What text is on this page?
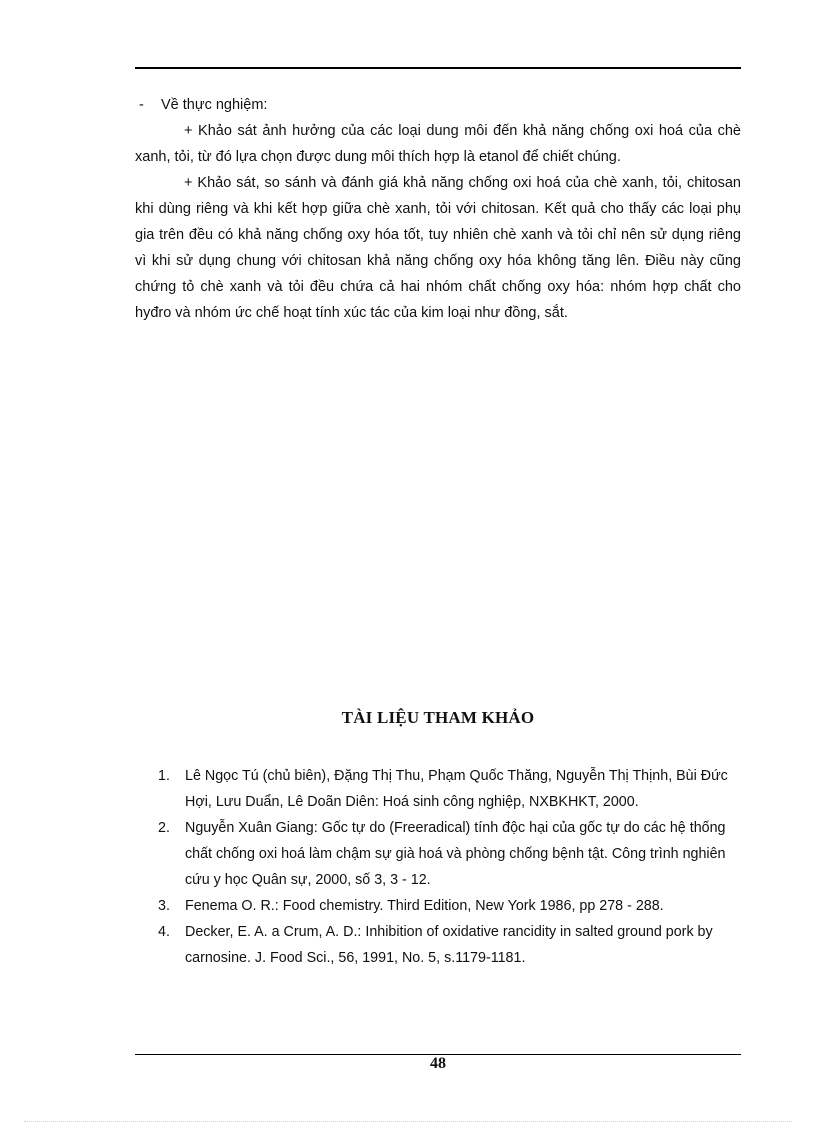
- Về thực nghiệm:

+ Khảo sát ảnh hưởng của các loại dung môi đến khả năng chống oxi hoá của chè xanh, tỏi, từ đó lựa chọn được dung môi thích hợp là etanol để chiết chúng.

+ Khảo sát, so sánh và đánh giá khả năng chống oxi hoá của chè xanh, tỏi, chitosan khi dùng riêng và khi kết hợp giữa chè xanh, tỏi với chitosan. Kết quả cho thấy các loại phụ gia trên đều có khả năng chống oxy hóa tốt, tuy nhiên chè xanh và tỏi chỉ nên sử dụng riêng vì khi sử dụng chung với chitosan khả năng chống oxy hóa không tăng lên. Điều này cũng chứng tỏ chè xanh và tỏi đều chứa cả hai nhóm chất chống oxy hóa: nhóm hợp chất cho hyđro và nhóm ức chế hoạt tính xúc tác của kim loại như đồng, sắt.

TÀI LIỆU THAM KHẢO
1. Lê Ngọc Tú (chủ biên), Đặng Thị Thu, Phạm Quốc Thăng, Nguyễn Thị Thịnh, Bùi Đức Hợi, Lưu Duẩn, Lê Doãn Diên: Hoá sinh công nghiệp, NXBKHKT, 2000.
2. Nguyễn Xuân Giang: Gốc tự do (Freeradical) tính độc hại của gốc tự do các hệ thống chất chống oxi hoá làm chậm sự già hoá và phòng chống bệnh tật. Công trình nghiên cứu y học Quân sự, 2000, số 3, 3 - 12.
3. Fenema O. R.: Food chemistry. Third Edition, New York 1986, pp 278 - 288.
4. Decker, E. A. a Crum, A. D.: Inhibition of oxidative rancidity in salted ground pork by carnosine. J. Food Sci., 56, 1991, No. 5, s.1179-1181.
48
